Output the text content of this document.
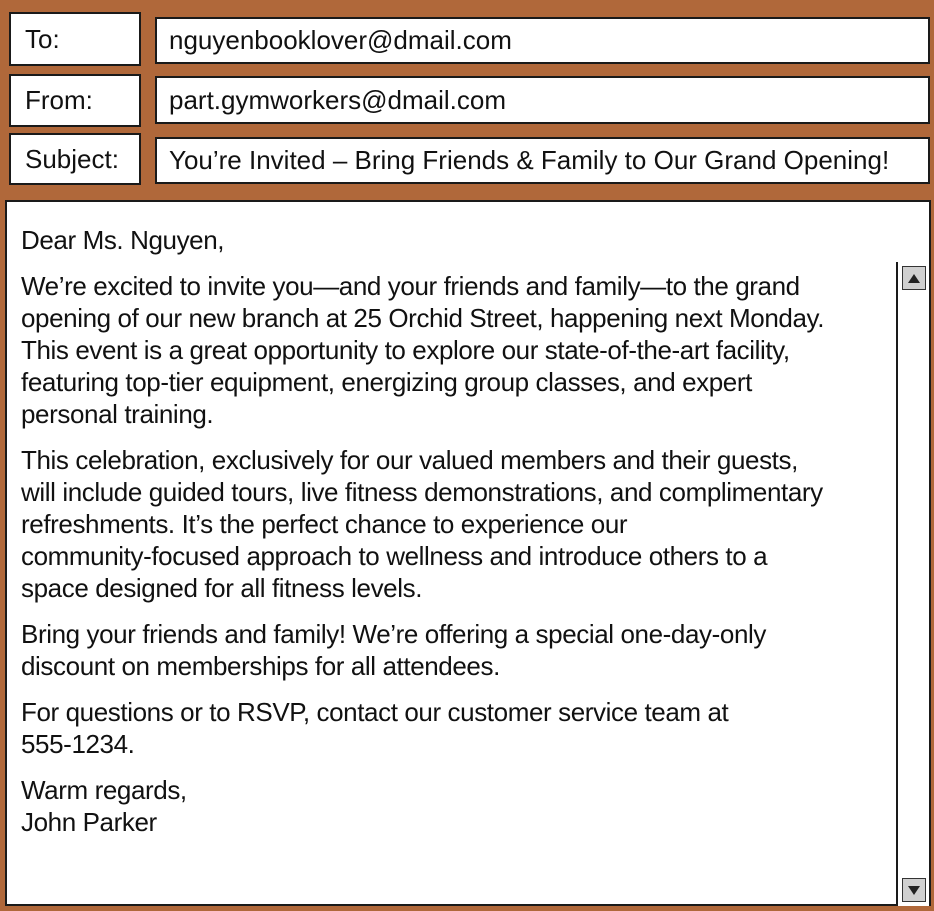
To:	nguyenbooklover@dmail.com
From:	part.gymworkers@dmail.com
Subject: You’re Invited – Bring Friends & Family to Our Grand Opening!

Dear Ms. Nguyen,

We’re excited to invite you—and your friends and family—to the grand
opening of our new branch at 25 Orchid Street, happening next Monday.
This event is a great opportunity to explore our state-of-the-art facility,
featuring top-tier equipment, energizing group classes, and expert
personal training.

This celebration, exclusively for our valued members and their guests,
will include guided tours, live fitness demonstrations, and complimentary
refreshments. It’s the perfect chance to experience our
community-focused approach to wellness and introduce others to a
space designed for all fitness levels.

Bring your friends and family! We’re offering a special one-day-only
discount on memberships for all attendees.

For questions or to RSVP, contact our customer service team at
555-1234.

Warm regards,
John Parker
